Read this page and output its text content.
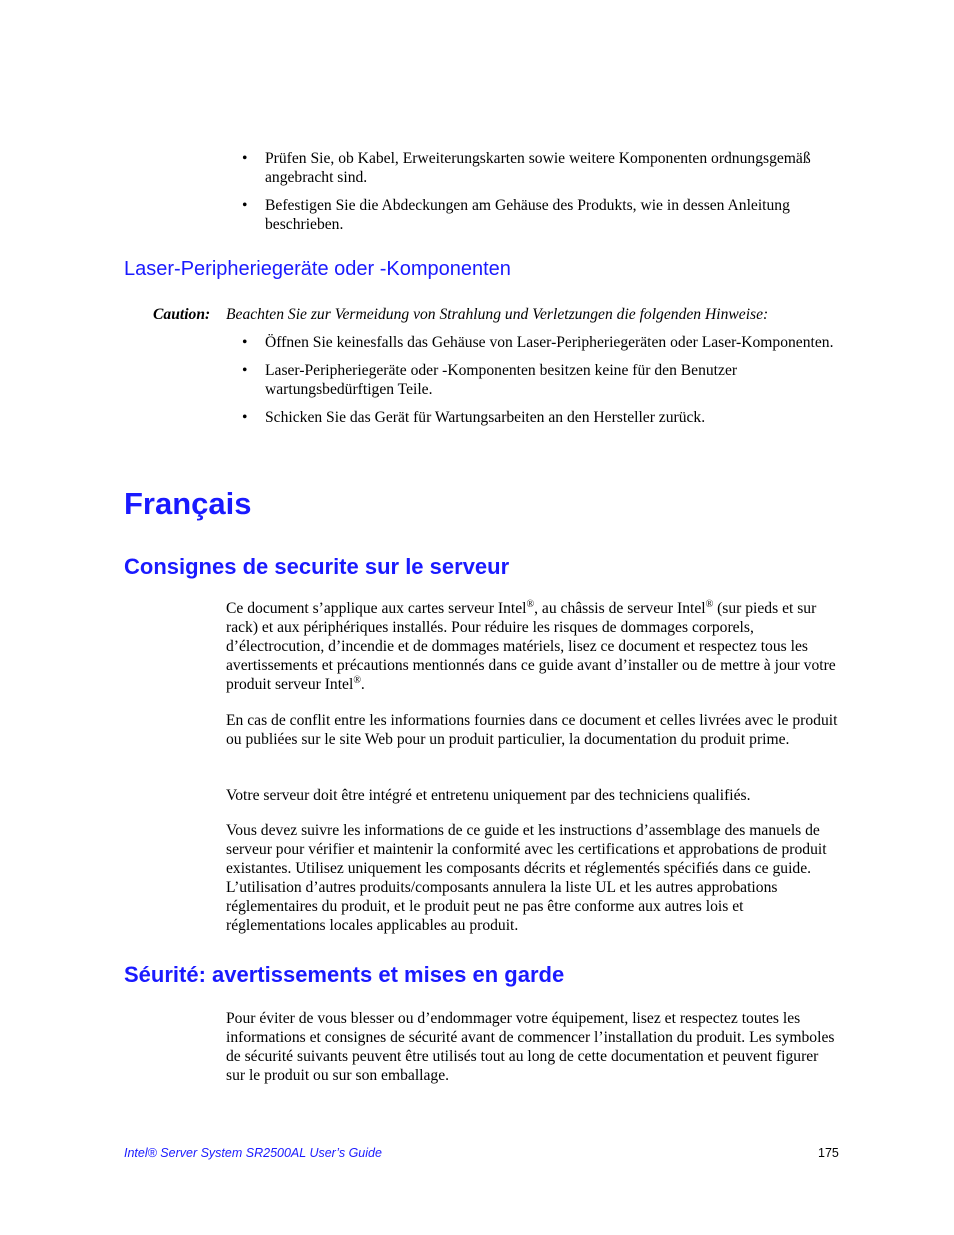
• Prüfen Sie, ob Kabel, Erweiterungskarten sowie weitere Komponenten ordnungsgemäß angebracht sind.
• Befestigen Sie die Abdeckungen am Gehäuse des Produkts, wie in dessen Anleitung beschrieben.
Laser-Peripheriegeräte oder -Komponenten
Caution: Beachten Sie zur Vermeidung von Strahlung und Verletzungen die folgenden Hinweise:
• Öffnen Sie keinesfalls das Gehäuse von Laser-Peripheriegeräten oder Laser-Komponenten.
• Laser-Peripheriegeräte oder -Komponenten besitzen keine für den Benutzer wartungsbedürftigen Teile.
• Schicken Sie das Gerät für Wartungsarbeiten an den Hersteller zurück.
Français
Consignes de securite sur le serveur

Ce document s’applique aux cartes serveur Intel®, au châssis de serveur Intel® (sur pieds et sur rack) et aux périphériques installés. Pour réduire les risques de dommages corporels, d’électrocution, d’incendie et de dommages matériels, lisez ce document et respectez tous les avertissements et précautions mentionnés dans ce guide avant d’installer ou de mettre à jour votre produit serveur Intel®.

En cas de conflit entre les informations fournies dans ce document et celles livrées avec le produit ou publiées sur le site Web pour un produit particulier, la documentation du produit prime.

Votre serveur doit être intégré et entretenu uniquement par des techniciens qualifiés.

Vous devez suivre les informations de ce guide et les instructions d’assemblage des manuels de serveur pour vérifier et maintenir la conformité avec les certifications et approbations de produit existantes. Utilisez uniquement les composants décrits et réglementés spécifiés dans ce guide. L’utilisation d’autres produits/composants annulera la liste UL et les autres approbations réglementaires du produit, et le produit peut ne pas être conforme aux autres lois et réglementations locales applicables au produit.

Séurité: avertissements et mises en garde

Pour éviter de vous blesser ou d’endommager votre équipement, lisez et respectez toutes les informations et consignes de sécurité avant de commencer l’installation du produit. Les symboles de sécurité suivants peuvent être utilisés tout au long de cette documentation et peuvent figurer sur le produit ou sur son emballage.

Intel® Server System SR2500AL User’s Guide	175
